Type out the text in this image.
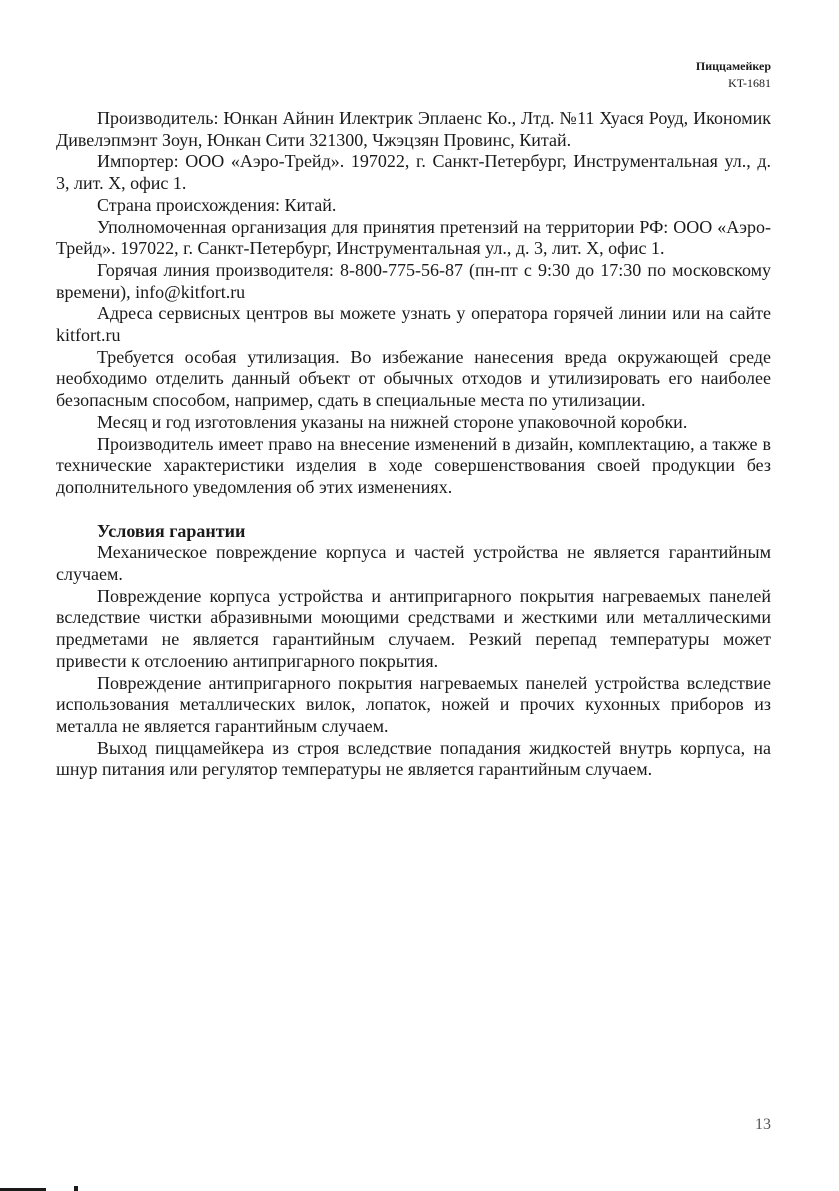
Пиццамейкер
KT-1681

Производитель: Юнкан Айнин Илектрик Эплаенс Ко., Лтд. №11 Хуася Роуд, Икономик Дивелэпмэнт Зоун, Юнкан Сити 321300, Чжэцзян Провинс, Китай.

Импортер: ООО «Аэро-Трейд». 197022, г. Санкт-Петербург, Инструментальная ул., д. 3, лит. Х, офис 1.

Страна происхождения: Китай.

Уполномоченная организация для принятия претензий на территории РФ: ООО «Аэро-Трейд». 197022, г. Санкт-Петербург, Инструментальная ул., д. 3, лит. Х, офис 1.

Горячая линия производителя: 8-800-775-56-87 (пн-пт с 9:30 до 17:30 по московскому времени), info@kitfort.ru

Адреса сервисных центров вы можете узнать у оператора горячей линии или на сайте kitfort.ru

Требуется особая утилизация. Во избежание нанесения вреда окружающей среде необходимо отделить данный объект от обычных отходов и утилизировать его наиболее безопасным способом, например, сдать в специальные места по утилизации.

Месяц и год изготовления указаны на нижней стороне упаковочной коробки.

Производитель имеет право на внесение изменений в дизайн, комплектацию, а также в технические характеристики изделия в ходе совершенствования своей продукции без дополнительного уведомления об этих изменениях.

Условия гарантии

Механическое повреждение корпуса и частей устройства не является гарантийным случаем.

Повреждение корпуса устройства и антипригарного покрытия нагреваемых панелей вследствие чистки абразивными моющими средствами и жесткими или металлическими предметами не является гарантийным случаем. Резкий перепад температуры может привести к отслоению антипригарного покрытия.

Повреждение антипригарного покрытия нагреваемых панелей устройства вследствие использования металлических вилок, лопаток, ножей и прочих кухонных приборов из металла не является гарантийным случаем.

Выход пиццамейкера из строя вследствие попадания жидкостей внутрь корпуса, на шнур питания или регулятор температуры не является гарантийным случаем.

13
